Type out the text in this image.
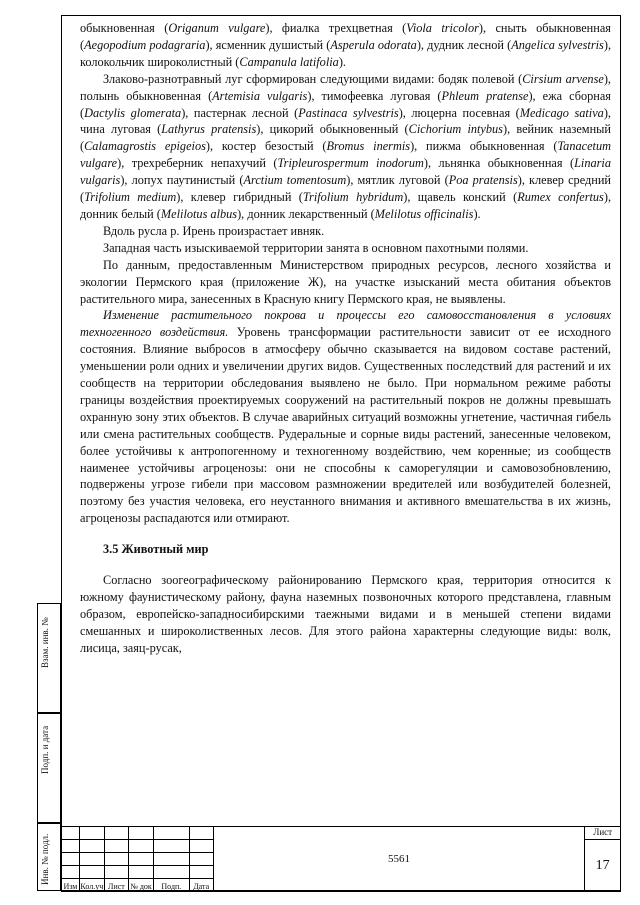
обыкновенная (Origanum vulgare), фиалка трехцветная (Viola tricolor), сныть обыкновенная (Aegopodium podagraria), ясменник душистый (Asperula odorata), дудник лесной (Angelica sylvestris), колокольчик широколистный (Campanula latifolia).

Злаково-разнотравный луг сформирован следующими видами: бодяк полевой (Cirsium arvense), полынь обыкновенная (Artemisia vulgaris), тимофеевка луговая (Phleum pratense), ежа сборная (Dactylis glomerata), пастернак лесной (Pastinaca sylvestris), люцерна посевная (Medicago sativa), чина луговая (Lathyrus pratensis), цикорий обыкновенный (Cichorium intybus), вейник наземный (Calamagrostis epigeios), костер безостый (Bromus inermis), пижма обыкновенная (Tanacetum vulgare), трехреберник непахучий (Tripleurospermum inodorum), льнянка обыкновенная (Linaria vulgaris), лопух паутинистый (Arctium tomentosum), мятлик луговой (Poa pratensis), клевер средний (Trifolium medium), клевер гибридный (Trifolium hybridum), щавель конский (Rumex confertus), донник белый (Melilotus albus), донник лекарственный (Melilotus officinalis).

Вдоль русла р. Ирень произрастает ивняк.

Западная часть изыскиваемой территории занята в основном пахотными полями.

По данным, предоставленным Министерством природных ресурсов, лесного хозяйства и экологии Пермского края (приложение Ж), на участке изысканий места обитания объектов растительного мира, занесенных в Красную книгу Пермского края, не выявлены.

Изменение растительного покрова и процессы его самовосстановления в условиях техногенного воздействия. Уровень трансформации растительности зависит от ее исходного состояния. Влияние выбросов в атмосферу обычно сказывается на видовом составе растений, уменьшении роли одних и увеличении других видов. Существенных последствий для растений и их сообществ на территории обследования выявлено не было. При нормальном режиме работы границы воздействия проектируемых сооружений на растительный покров не должны превышать охранную зону этих объектов. В случае аварийных ситуаций возможны угнетение, частичная гибель или смена растительных сообществ. Рудеральные и сорные виды растений, занесенные человеком, более устойчивы к антропогенному и техногенному воздействию, чем коренные; из сообществ наименее устойчивы агроценозы: они не способны к саморегуляции и самовозобновлению, подвержены угрозе гибели при массовом размножении вредителей или возбудителей болезней, поэтому без участия человека, его неустанного внимания и активного вмешательства в их жизнь, агроценозы распадаются или отмирают.

3.5 Животный мир

Согласно зоогеографическому районированию Пермского края, территория относится к южному фаунистическому району, фауна наземных позвоночных которого представлена, главным образом, европейско-западносибирскими таежными видами и в меньшей степени видами смешанных и широколиственных лесов. Для этого района характерны следующие виды: волк, лисица, заяц-русак,

Взам. инв. №
Подп. и дата
Инв. № подл.
							5561	Лист
							17

Изм	Кол.уч	Лист	№ док	Подп.	Дата		
